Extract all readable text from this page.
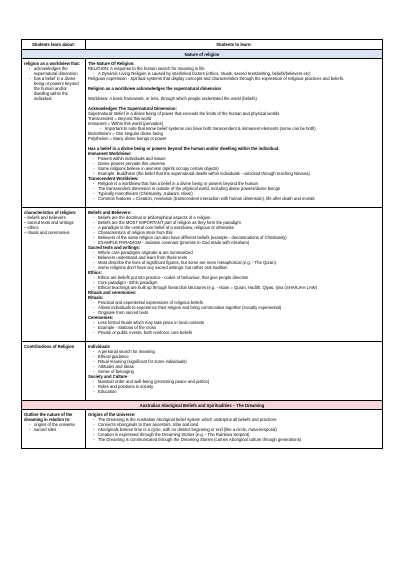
Students learn about:	Students to learn:
Nature of religion
religion as a worldview that:
- acknowledges the supernatural dimension
- has a belief in a divine being or powers beyond the human and/or dwelling within the individual
The Nature Of Religion:
RELIGION: A response to the human search for meaning in life
- A Dynamic Living Religion is caused by interlinked factors (ethics, rituals, sacred texts/writing, beliefs/believers etc)
Religious expression - Spiritual systems that display concepts and characteristics through the expression of religious practices and beliefs.
Religion as a worldview acknowledges the supernatural dimension
Worldview: A basic framework, or lens, through which people understand the world (beliefs)
Acknowledges The Supernatural Dimension:
Supernatural: Belief in a divine being of power that exceeds the limits of the human and physical worlds
Transcendent = Beyond this world
Immanent = Within this world (pervades)
- Important to note that some belief systems can have both transcendent & immanent elements (some can be both)
Monotheism = One singular divine being
Polytheism = Many divine beings or power
Has a belief in a divine being or powers beyond the human and/or dwelling within the individual:
Immanent Worldview:
- Powers within individuals and nature
- Divine powers pervade this universe
- Some religions believe in animism (spirits occupy certain objects)
- Example: Buddhism (the belief that the supernatural dwells within individuals - unlocked through reaching Nirvana)
Transcendent Worldview:
- Religion is a worldview that has a belief in a divine being or powers beyond the human
- The transcendent dimension is outside of the physical world, including divine powers/divine beings
- Typically monotheism (Christianity, Judaism, Islam)
- Common features = Creation, revelation (transcendent interaction with human dimension), life after death and morals
characteristics of religion:
– beliefs and believers
– sacred texts and writings
– ethics
– rituals and ceremonies
Beliefs and Believers:
- Beliefs are the doctrinal or philosophical aspects of a religion
- Beliefs are the MOST IMPORTANT part of religion as they form the paradigm
- A paradigm is the central core belief of a worldview, religious or otherwise
- Characteristics of religion stem from this
- Believers of the same religion can also have different beliefs (example - denominations of Christianity)
- EXAMPLE PARADIGM - Judaism covenant (promise to God made with Abraham)
Sacred texts and writings:
- Where core paradigms originate & are summarized
- Believers understand and learn from these texts
- Most describe the lives of significant figures, but some are more metaphorical (e.g. - The Quran)
- Some religions don't have any sacred writings: but rather oral tradition
Ethics:
- Ethics are beliefs put into practice - codes of behaviour, that give people direction
- Core paradigm - Ethic paradigm
- Ethical teachings are built up through hierarchal structures (e.g. - Islam = Quran, Hadith, Qiyas, Ijma (SHARJAH LAW)
Rituals and ceremonies:
Rituals:
- Practical and experiential expressions of religious beliefs
- Allows individuals to experience their religion and bring communities together (socially experiential)
- Originate from sacred texts
Ceremonies:
- Less formal rituals which may take place in local contexts
- Example - Stations of the cross
- Private or public events, both reinforce core beliefs
Contributions of Religion	Individuals
- A personal search for meaning
- Ethical guidance
- Ritual meaning (significant for some individuals)
- Attitudes and Ideas
- Sense of belonging
Society and Culture
- Maintain order and well-being (promoting peace and justice)
- Roles and positions in society
- Education
Australian Aboriginal Beliefs and Spiritualities – The Dreaming
Outline the nature of the dreaming in relation to:
- origins of the universe
- sacred sites
Origins of the Universe:
- The Dreaming is the Australian Aboriginal belief system which underpins all beliefs and practices
- Connects Aboriginals to their ancestors, tribe and land
- Aboriginals believe time is a cycle, with no distinct beginning or end (like a circle, meta-temporal)
- Creation is expressed through the Dreaming Stories (e.g. - The Rainbow Serpent)
- The Dreaming is communicated through the Dreaming Stories (carries Aboriginal culture through generations)
